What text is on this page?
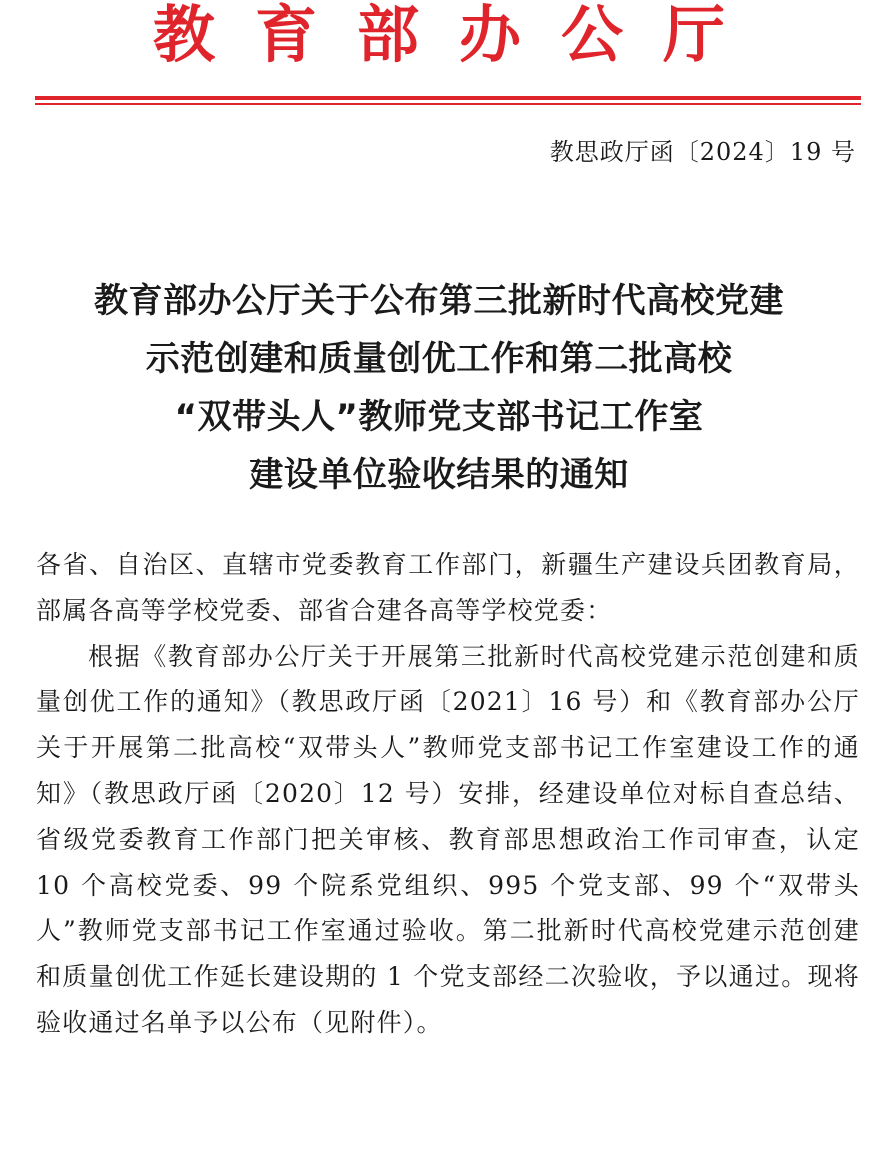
教育部办公厅
教思政厅函〔2024〕19 号
教育部办公厅关于公布第三批新时代高校党建
示范创建和质量创优工作和第二批高校
“双带头人”教师党支部书记工作室
建设单位验收结果的通知

各省、自治区、直辖市党委教育工作部门，新疆生产建设兵团教育局，部属各高等学校党委、部省合建各高等学校党委：

根据《教育部办公厅关于开展第三批新时代高校党建示范创建和质量创优工作的通知》（教思政厅函〔2021〕16 号）和《教育部办公厅关于开展第二批高校“双带头人”教师党支部书记工作室建设工作的通知》（教思政厅函〔2020〕12 号）安排，经建设单位对标自查总结、省级党委教育工作部门把关审核、教育部思想政治工作司审查，认定 10 个高校党委、99 个院系党组织、995 个党支部、99 个“双带头人”教师党支部书记工作室通过验收。第二批新时代高校党建示范创建和质量创优工作延长建设期的 1 个党支部经二次验收，予以通过。现将验收通过名单予以公布（见附件）。
